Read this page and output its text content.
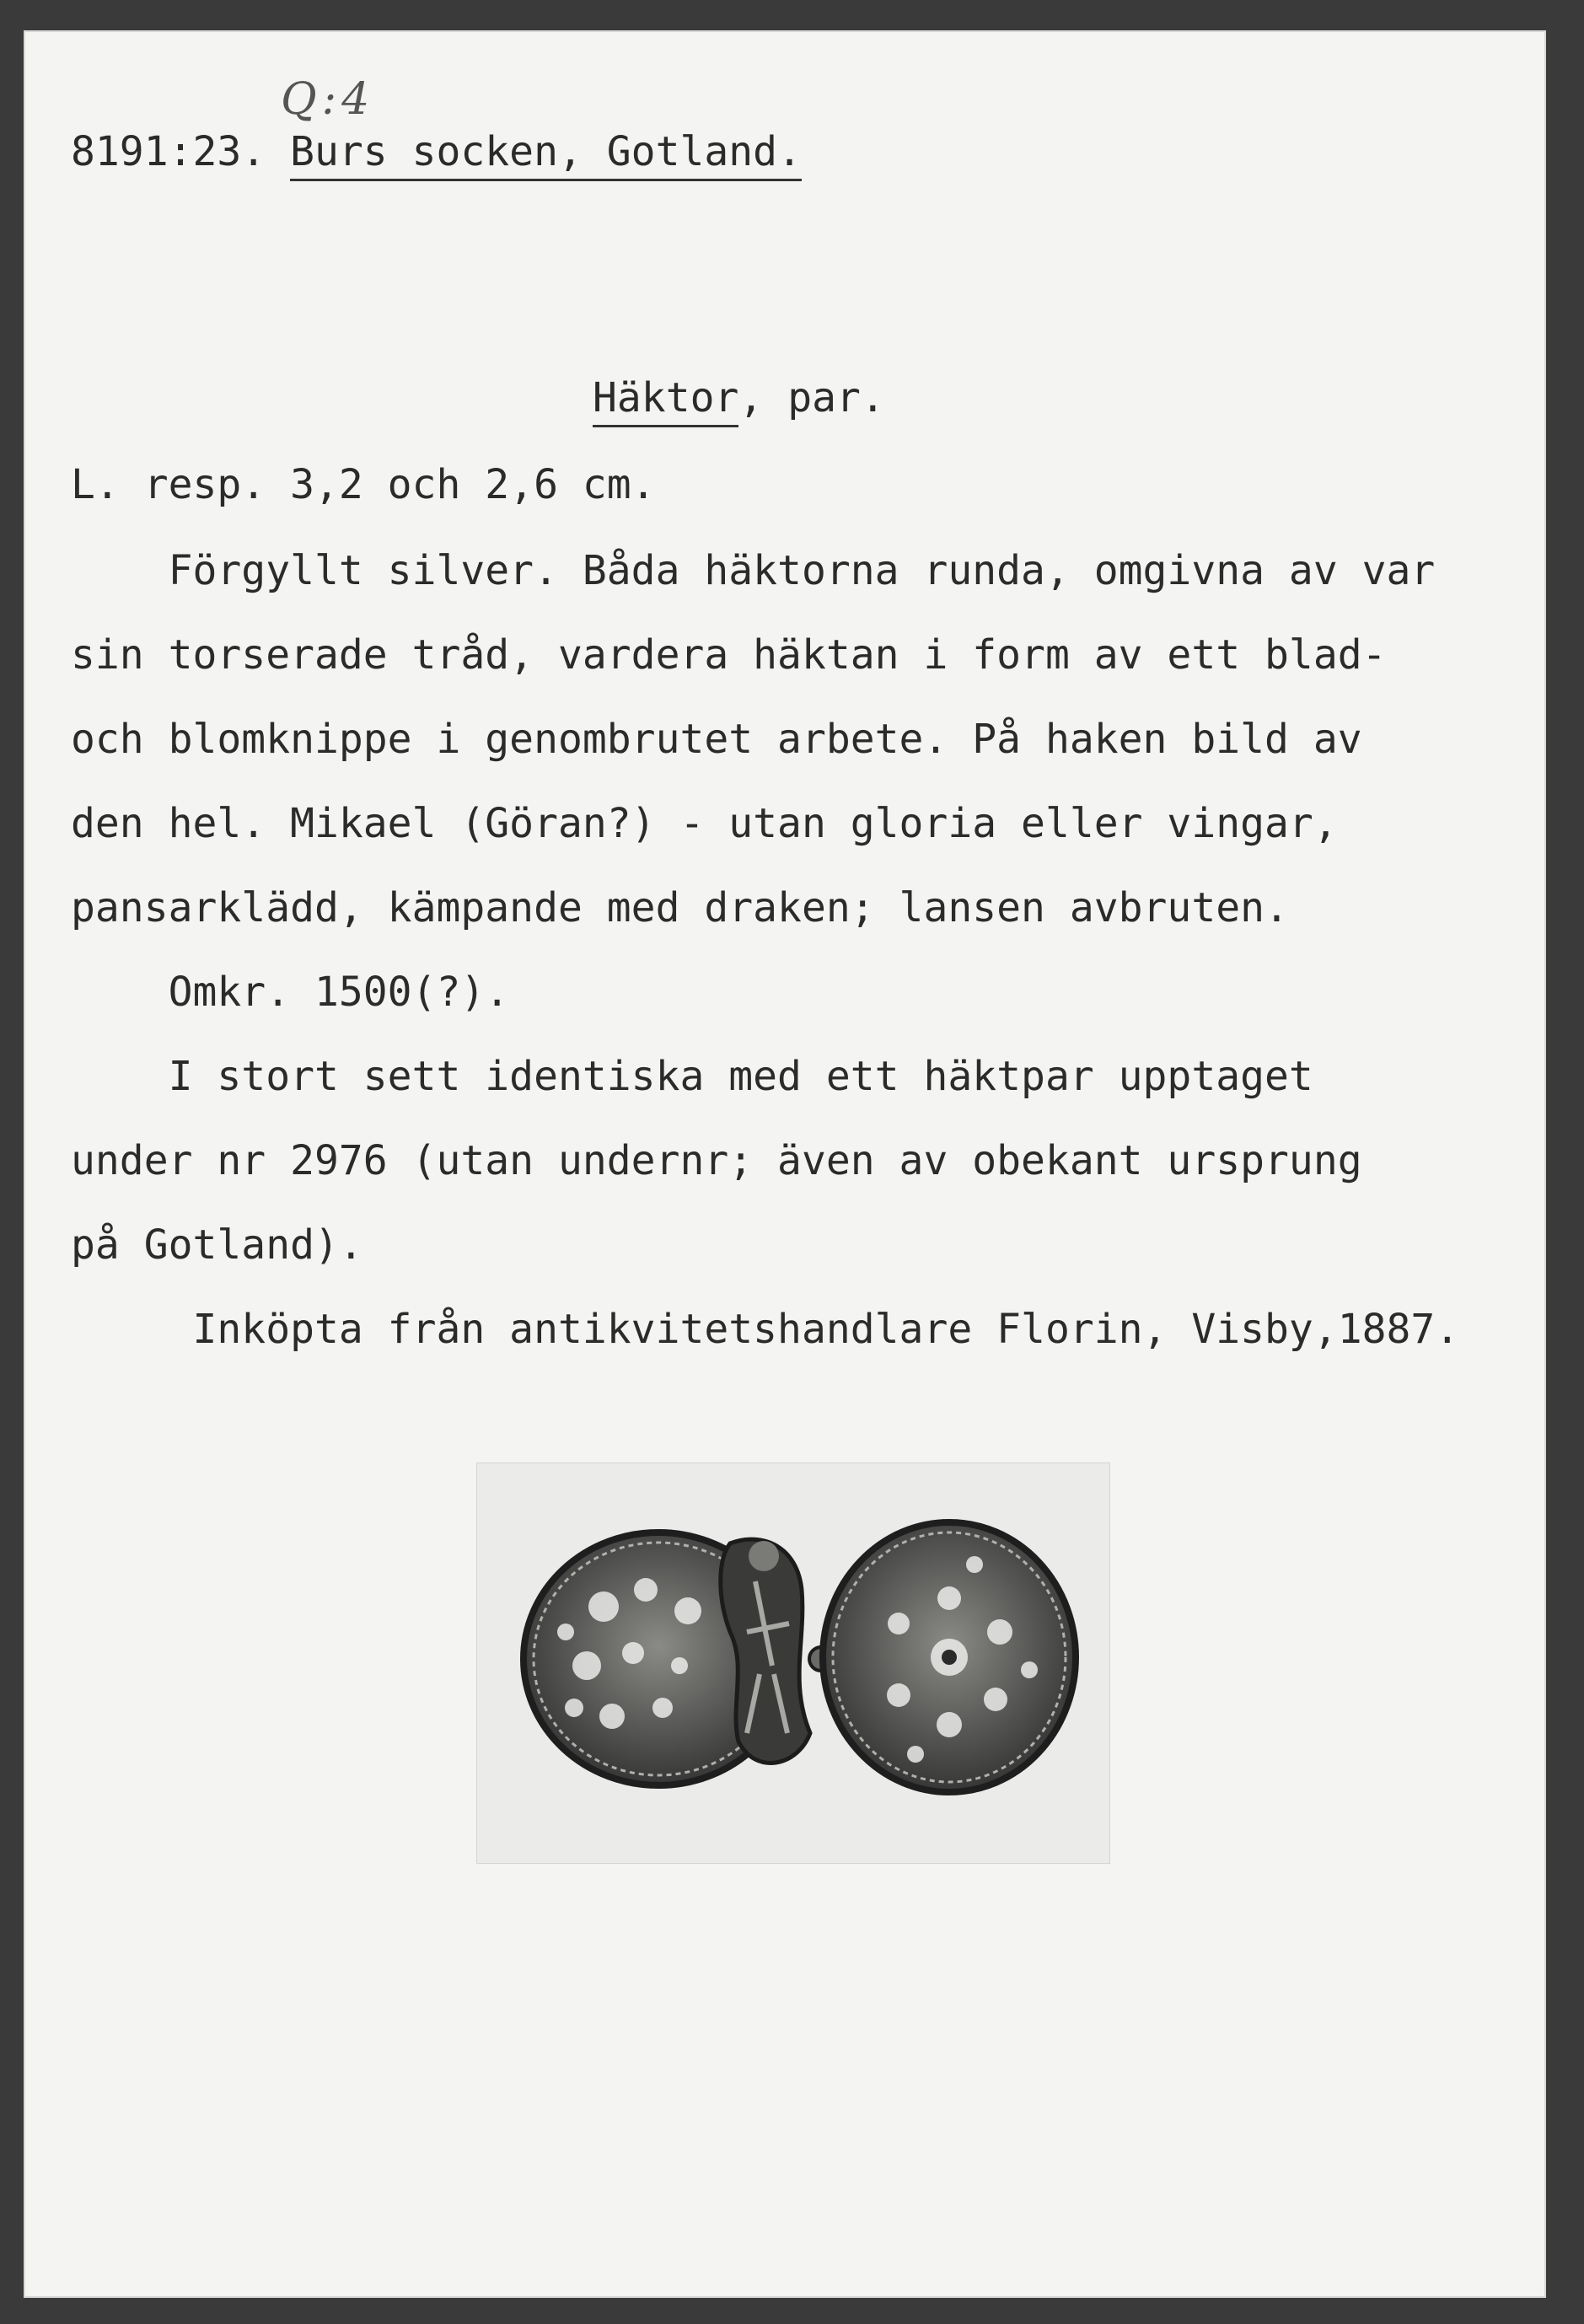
Q:4
8191:23. Burs socken, Gotland.
Häktor, par.
L. resp. 3,2 och 2,6 cm.
Förgyllt silver. Båda häktorna runda, omgivna av var
sin torserade tråd, vardera häktan i form av ett blad-
och blomknippe i genombrutet arbete. På haken bild av
den hel. Mikael (Göran?) - utan gloria eller vingar,
pansarklädd, kämpande med draken; lansen avbruten.
Omkr. 1500(?).
I stort sett identiska med ett häktpar upptaget
under nr 2976 (utan undernr; även av obekant ursprung
på Gotland).
Inköpta från antikvitetshandlare Florin, Visby,1887.
